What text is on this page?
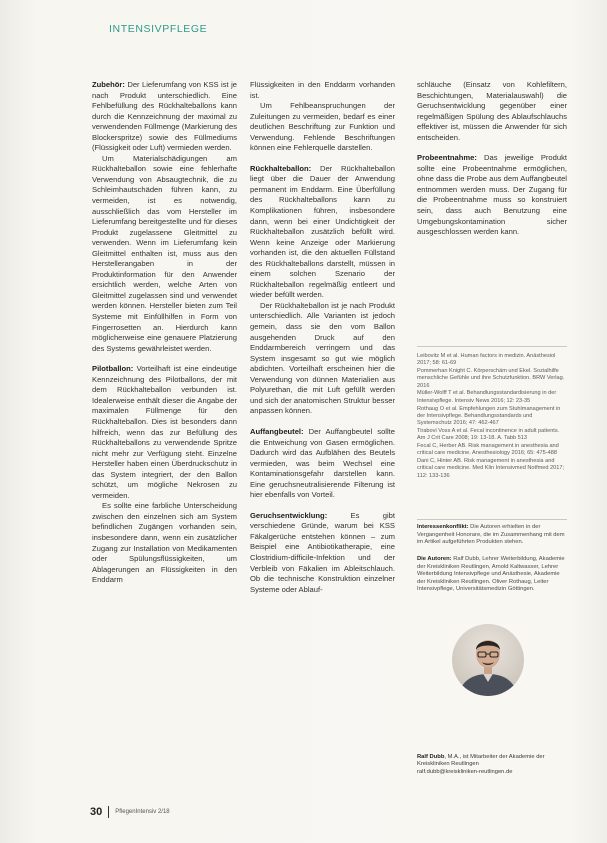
INTENSIVPFLEGE

Zubehör: Der Lieferumfang von KSS ist je nach Produkt unterschiedlich. Eine Fehlbefüllung des Rückhalteballons kann durch die Kennzeichnung der maximal zu verwendenden Füllmenge (Markierung des Blockerspritze) sowie des Füllmediums (Flüssigkeit oder Luft) vermieden werden.

Um Materialschädigungen am Rückhalteballon sowie eine fehlerhafte Verwendung von Absaugtechnik, die zu Schleimhautschäden führen kann, zu vermeiden, ist es notwendig, ausschließlich das vom Hersteller im Lieferumfang bereitgestellte und für dieses Produkt zugelassene Gleitmittel zu verwenden. Wenn im Lieferumfang kein Gleitmittel enthalten ist, muss aus den Herstellerangaben in der Produktinformation für den Anwender ersichtlich werden, welche Arten von Gleitmittel zugelassen sind und verwendet werden können. Hersteller bieten zum Teil Systeme mit Einfüllhilfen in Form von Fingerrosetten an. Hierdurch kann möglicherweise eine genauere Platzierung des Systems gewährleistet werden.

Pilotballon: Vorteilhaft ist eine eindeutige Kennzeichnung des Pilotballons, der mit dem Rückhalteballon verbunden ist. Idealerweise enthält dieser die Angabe der maximalen Füllmenge für den Rückhalteballon. Dies ist besonders dann hilfreich, wenn das zur Befüllung des Rückhalteballons zu verwendende Spritze nicht mehr zur Verfügung steht. Einzelne Hersteller haben einen Überdruckschutz in das System integriert, der den Ballon schützt, um mögliche Nekrosen zu vermeiden.

Es sollte eine farbliche Unterscheidung zwischen den einzelnen sich am System befindlichen Zugängen vorhanden sein, insbesondere dann, wenn ein zusätzlicher Zugang zur Installation von Medikamenten oder Spülungsflüssigkeiten, um Ablagerungen an Flüssigkeiten in den Enddarm

Flüssigkeiten in den Enddarm vorhanden ist.

Um Fehlbeanspruchungen der Zuleitungen zu vermeiden, bedarf es einer deutlichen Beschriftung zur Funktion und Verwendung. Fehlende Beschriftungen können eine Fehlerquelle darstellen.

Rückhalteballon: Der Rückhalteballon liegt über die Dauer der Anwendung permanent im Enddarm. Eine Überfüllung des Rückhalteballons kann zu Komplikationen führen, insbesondere dann, wenn bei einer Undichtigkeit der Rückhalteballon zusätzlich befüllt wird. Wenn keine Anzeige oder Markierung vorhanden ist, die den aktuellen Füllstand des Rückhalteballons darstellt, müssen in einem solchen Szenario der Rückhalteballon regelmäßig entleert und wieder befüllt werden.

Der Rückhalteballon ist je nach Produkt unterschiedlich. Alle Varianten ist jedoch gemein, dass sie den vom Ballon ausgehenden Druck auf den Enddarmbereich verringern und das System insgesamt so gut wie möglich abdichten. Vorteilhaft erscheinen hier die Verwendung von dünnen Materialien aus Polyurethan, die mit Luft gefüllt werden und sich der anatomischen Struktur besser anpassen können.

Auffangbeutel: Der Auffangbeutel sollte die Entweichung von Gasen ermöglichen. Dadurch wird das Aufblähen des Beutels vermieden, was beim Wechsel eine Kontaminationsgefahr darstellen kann. Eine geruchsneutralisierende Filterung ist hier ebenfalls von Vorteil.

Geruchsentwicklung: Es gibt verschiedene Gründe, warum bei KSS Fäkalgerüche entstehen können – zum Beispiel eine Antibiotikatherapie, eine Clostridium-difficile-Infektion und der Verbleib von Fäkalien im Ableitschlauch. Ob die technische Konstruktion einzelner Systeme oder Ablauf-

schläuche (Einsatz von Kohlefiltern, Beschichtungen, Materialauswahl) die Geruchsentwicklung gegenüber einer regelmäßigen Spülung des Ablaufschlauchs effektiver ist, müssen die Anwender für sich entscheiden.

Probeentnahme: Das jeweilige Produkt sollte eine Probeentnahme ermöglichen, ohne dass die Probe aus dem Auffangbeutel entnommen werden muss. Der Zugang für die Probeentnahme muss so konstruiert sein, dass auch Benutzung eine Umgebungskontamination sicher ausgeschlossen werden kann.

Leibovitz M et al. Human factors in medizin. Anästhesiol 2017; 58: 61-69
Pommerhan Knight C. Körperschäm und Ekel. Sozialhilfe menschliche Gefühle und ihre Schutzfunktion. BRW Verlag. 2016
Müller-Wolff T et al. Behandlungsstandardisierung in der Intensivpflege. Intensiv News 2016; 12: 23-35
Rothaug O et al. Empfehlungen zum Stuhlmanagement in der Intensivpflege. Behandlungsstandards und Systemschutz 2016; 47: 462-467
Tirabovi Voss A et al. Fecal incontinence in adult patients. Am J Crit Care 2008; 19: 13-18. A. Tabb 513
Fecal C, Herber AB. Risk management in anesthesia and critical care medicine. Anesthesiology 2016; 65: 475-488
Dani C, Hinter AB. Risk management in anesthesia and critical care medicine. Med Klin Intensivmed Notfmed 2017; 112: 133-136
Interessenkonflikt: Die Autoren erhielten in der Vergangenheit Honorare, die im Zusammenhang mit dem im Artikel aufgeführten Produkten stehen.
Die Autoren: Ralf Dubb, Lehrer Weiterbildung, Akademie der Kreiskliniken Reutlingen, Arnold Kaltwasser, Lehrer Weiterbildung Intensivpflege und Anästhesie, Akademie der Kreiskliniken Reutlingen. Oliver Rothaug, Leiter Intensivpflege, Universitätsmedizin Göttingen.
Ralf Dubb, M.A., ist Mitarbeiter der Akademie der Kreiskliniken Reutlingen
ralf.dubb@kreiskliniken-reutlingen.de
30 PflegenIntensiv 2/18
